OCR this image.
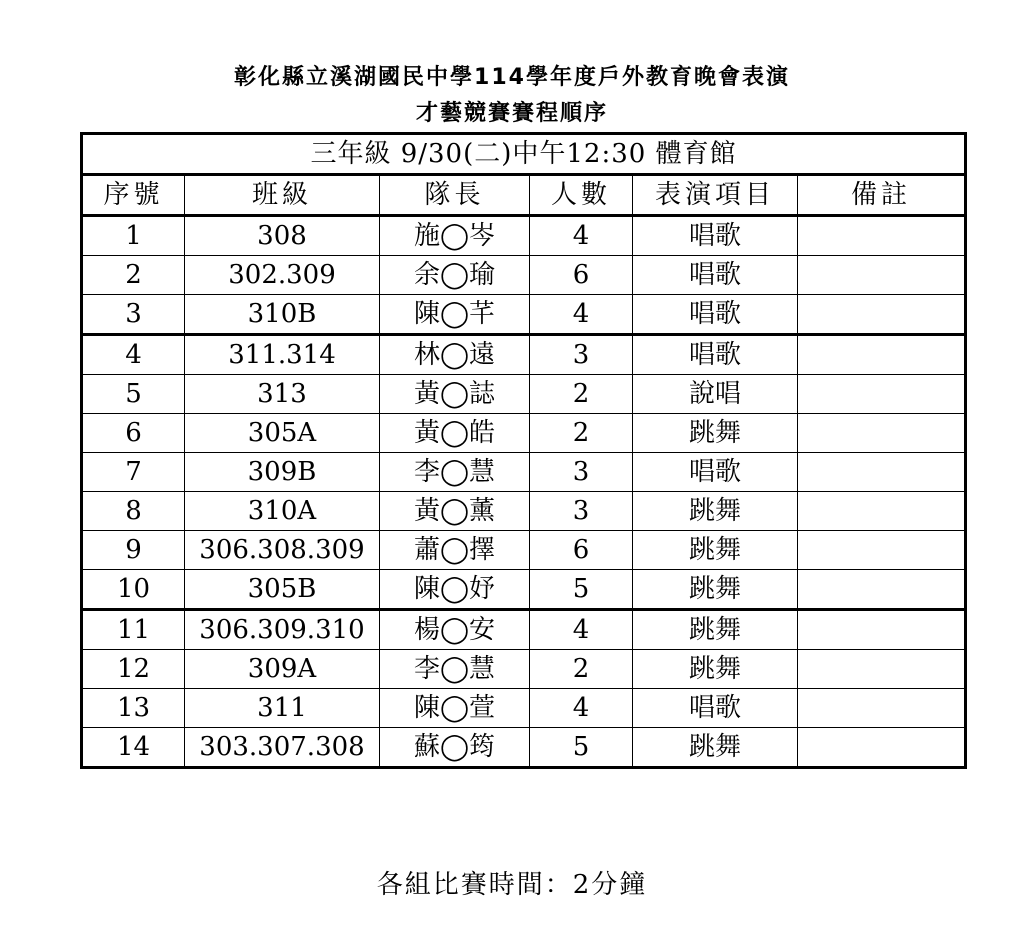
彰化縣立溪湖國民中學114學年度戶外教育晚會表演
才藝競賽賽程順序
三年級 9/30(二)中午12:30 體育館					
序號	班級	隊長	人數	表演項目	備註
1	308	施◯岑	4	唱歌	
2	302.309	余◯瑜	6	唱歌	
3	310B	陳◯芊	4	唱歌	
4	311.314	林◯遠	3	唱歌	
5	313	黃◯誌	2	說唱	
6	305A	黃◯皓	2	跳舞	
7	309B	李◯慧	3	唱歌	
8	310A	黃◯薰	3	跳舞	
9	306.308.309	蕭◯擇	6	跳舞	
10	305B	陳◯妤	5	跳舞	
11	306.309.310	楊◯安	4	跳舞	
12	309A	李◯慧	2	跳舞	
13	311	陳◯萱	4	唱歌	
14	303.307.308	蘇◯筠	5	跳舞	
各組比賽時間：2分鐘
